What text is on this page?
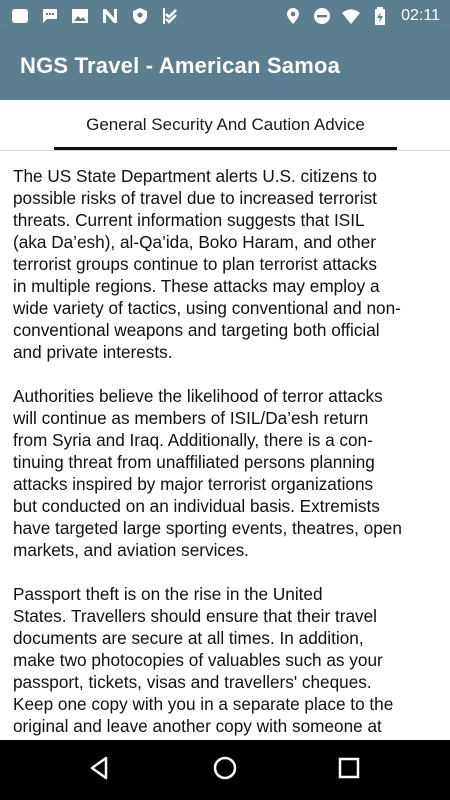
02:11
NGS Travel - American Samoa
General Security And Caution Advice

The US State Department alerts U.S. citizens to
possible risks of travel due to increased terrorist
threats. Current information suggests that ISIL
(aka Da’esh), al-Qa’ida, Boko Haram, and other
terrorist groups continue to plan terrorist attacks
in multiple regions. These attacks may employ a
wide variety of tactics, using conventional and non-
conventional weapons and targeting both official
and private interests.

Authorities believe the likelihood of terror attacks
will continue as members of ISIL/Da’esh return
from Syria and Iraq. Additionally, there is a con-
tinuing threat from unaffiliated persons planning
attacks inspired by major terrorist organizations
but conducted on an individual basis. Extremists
have targeted large sporting events, theatres, open
markets, and aviation services.

Passport theft is on the rise in the United
States. Travellers should ensure that their travel
documents are secure at all times. In addition,
make two photocopies of valuables such as your
passport, tickets, visas and travellers' cheques.
Keep one copy with you in a separate place to the
original and leave another copy with someone at
